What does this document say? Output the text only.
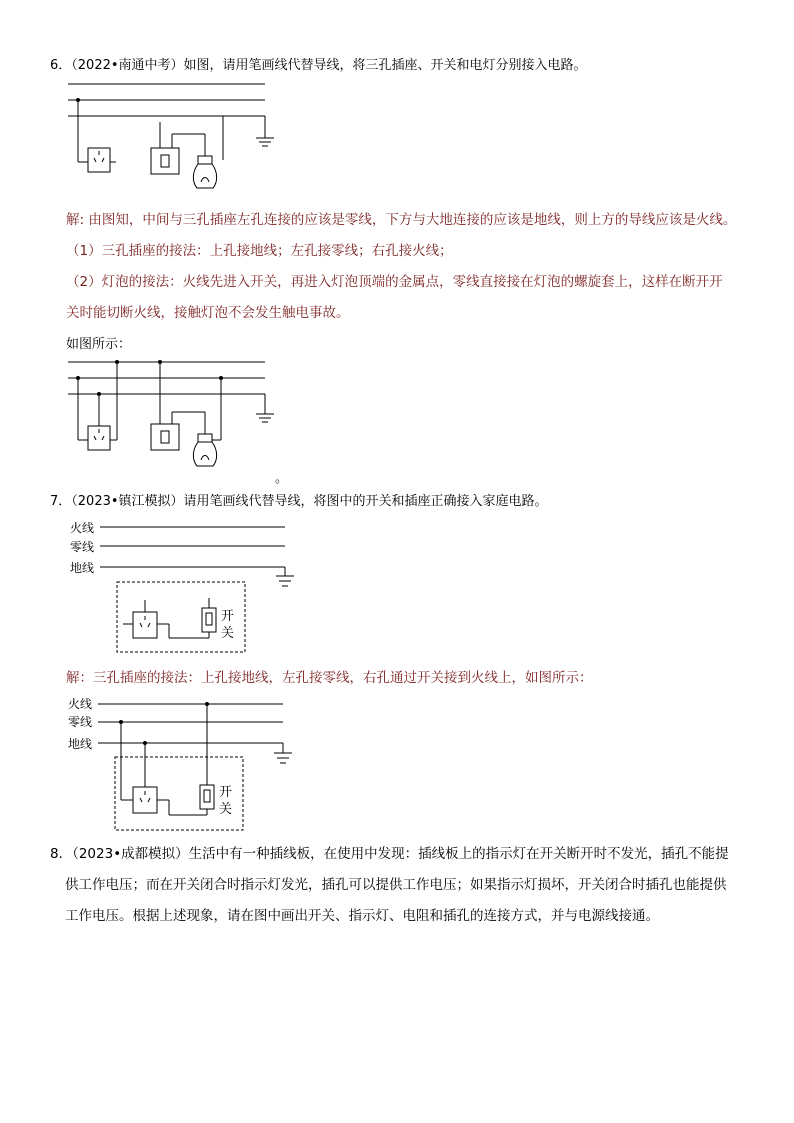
6．（2022•南通中考）如图，请用笔画线代替导线，将三孔插座、开关和电灯分别接入电路。
解: 由图知，中间与三孔插座左孔连接的应该是零线，下方与大地连接的应该是地线，则上方的导线应该是火线。
（1）三孔插座的接法：上孔接地线；左孔接零线；右孔接火线；
（2）灯泡的接法：火线先进入开关，再进入灯泡顶端的金属点，零线直接接在灯泡的螺旋套上，这样在断开开
关时能切断火线，接触灯泡不会发生触电事故。
如图所示：
。
7．（2023•镇江模拟）请用笔画线代替导线，将图中的开关和插座正确接入家庭电路。
火线
零线
地线
开
关
解：三孔插座的接法：上孔接地线，左孔接零线，右孔通过开关接到火线上，如图所示：
火线
零线
地线
开
关
8．（2023•成都模拟）生活中有一种插线板，在使用中发现：插线板上的指示灯在开关断开时不发光，插孔不能提
供工作电压；而在开关闭合时指示灯发光，插孔可以提供工作电压；如果指示灯损坏，开关闭合时插孔也能提供
工作电压。根据上述现象，请在图中画出开关、指示灯、电阻和插孔的连接方式，并与电源线接通。
